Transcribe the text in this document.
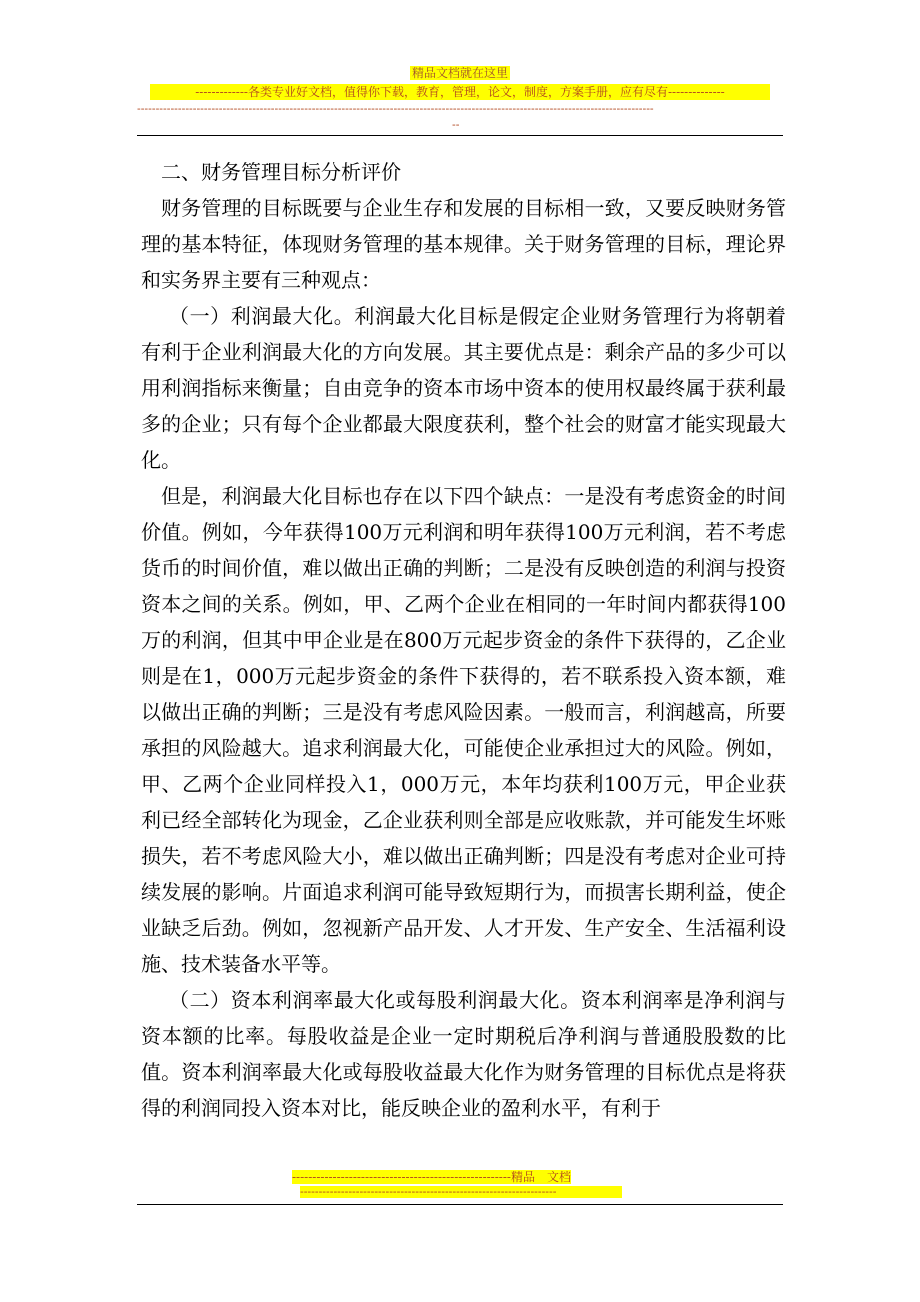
精品文档就在这里
-------------各类专业好文档，值得你下载，教育，管理，论文，制度，方案手册，应有尽有--------------
-------------------------------------------------------------------------------------------------------------------------------------------
--

二、财务管理目标分析评价

财务管理的目标既要与企业生存和发展的目标相一致，又要反映财务管理的基本特征，体现财务管理的基本规律。关于财务管理的目标，理论界和实务界主要有三种观点：

（一）利润最大化。利润最大化目标是假定企业财务管理行为将朝着有利于企业利润最大化的方向发展。其主要优点是：剩余产品的多少可以用利润指标来衡量；自由竞争的资本市场中资本的使用权最终属于获利最多的企业；只有每个企业都最大限度获利，整个社会的财富才能实现最大化。

但是，利润最大化目标也存在以下四个缺点：一是没有考虑资金的时间价值。例如，今年获得100万元利润和明年获得100万元利润，若不考虑货币的时间价值，难以做出正确的判断；二是没有反映创造的利润与投资资本之间的关系。例如，甲、乙两个企业在相同的一年时间内都获得100万的利润，但其中甲企业是在800万元起步资金的条件下获得的，乙企业则是在1，000万元起步资金的条件下获得的，若不联系投入资本额，难以做出正确的判断；三是没有考虑风险因素。一般而言，利润越高，所要承担的风险越大。追求利润最大化，可能使企业承担过大的风险。例如，甲、乙两个企业同样投入1，000万元，本年均获利100万元，甲企业获利已经全部转化为现金，乙企业获利则全部是应收账款，并可能发生坏账损失，若不考虑风险大小，难以做出正确判断；四是没有考虑对企业可持续发展的影响。片面追求利润可能导致短期行为，而损害长期利益，使企业缺乏后劲。例如，忽视新产品开发、人才开发、生产安全、生活福利设施、技术装备水平等。

（二）资本利润率最大化或每股利润最大化。资本利润率是净利润与资本额的比率。每股收益是企业一定时期税后净利润与普通股股数的比值。资本利润率最大化或每股收益最大化作为财务管理的目标优点是将获得的利润同投入资本对比，能反映企业的盈利水平，有利于

------------------------------------------------------精品　文档
---------------------------------------------------------------------
